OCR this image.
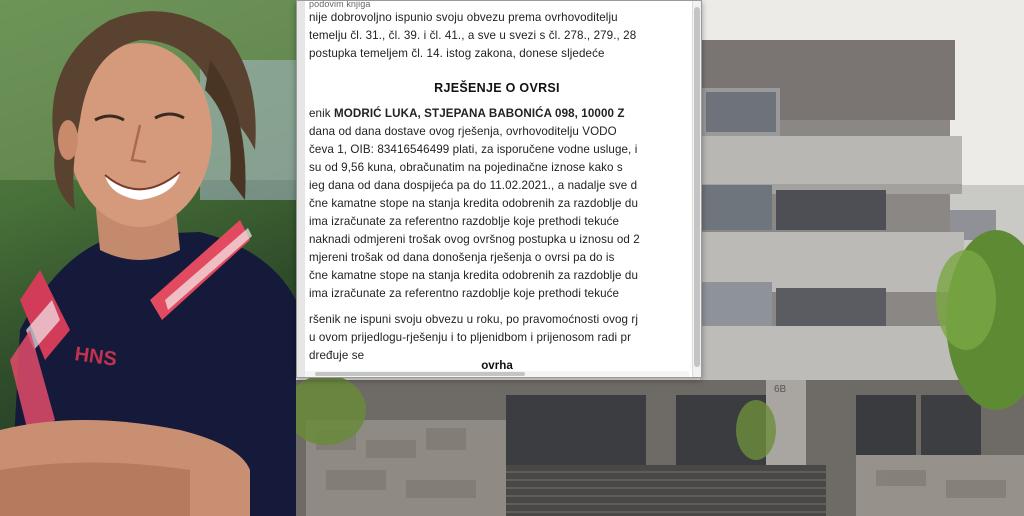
HNS
6B
podovim knjiga
nije dobrovoljno ispunio svoju obvezu prema ovrhovoditelju
temelju čl. 31., čl. 39. i čl. 41., a sve u svezi s čl. 278., 279., 28
postupka temeljem čl. 14. istog zakona, donese sljedeće
RJEŠENJE O OVRSI
enik MODRIĆ LUKA, STJEPANA BABONIĆA 098, 10000 Z
dana od dana dostave ovog rješenja, ovrhovoditelju VODO
čeva 1, OIB: 83416546499 plati, za isporučene vodne usluge, i
su od 9,56 kuna, obračunatim na pojedinačne iznose kako s
ieg dana od dana dospijeća pa do 11.02.2021., a nadalje sve d
čne kamatne stope na stanja kredita odobrenih za razdoblje du
ima izračunate za referentno razdoblje koje prethodi tekuće
naknadi odmjereni trošak ovog ovršnog postupka u iznosu od 2
mjereni trošak od dana donošenja rješenja o ovrsi pa do is
čne kamatne stope na stanja kredita odobrenih za razdoblje du
ima izračunate za referentno razdoblje koje prethodi tekuće
ršenik ne ispuni svoju obvezu u roku, po pravomoćnosti ovog rj
u ovom prijedlogu-rješenju i to pljenidbom i prijenosom radi pr
dređuje se
ovrha
